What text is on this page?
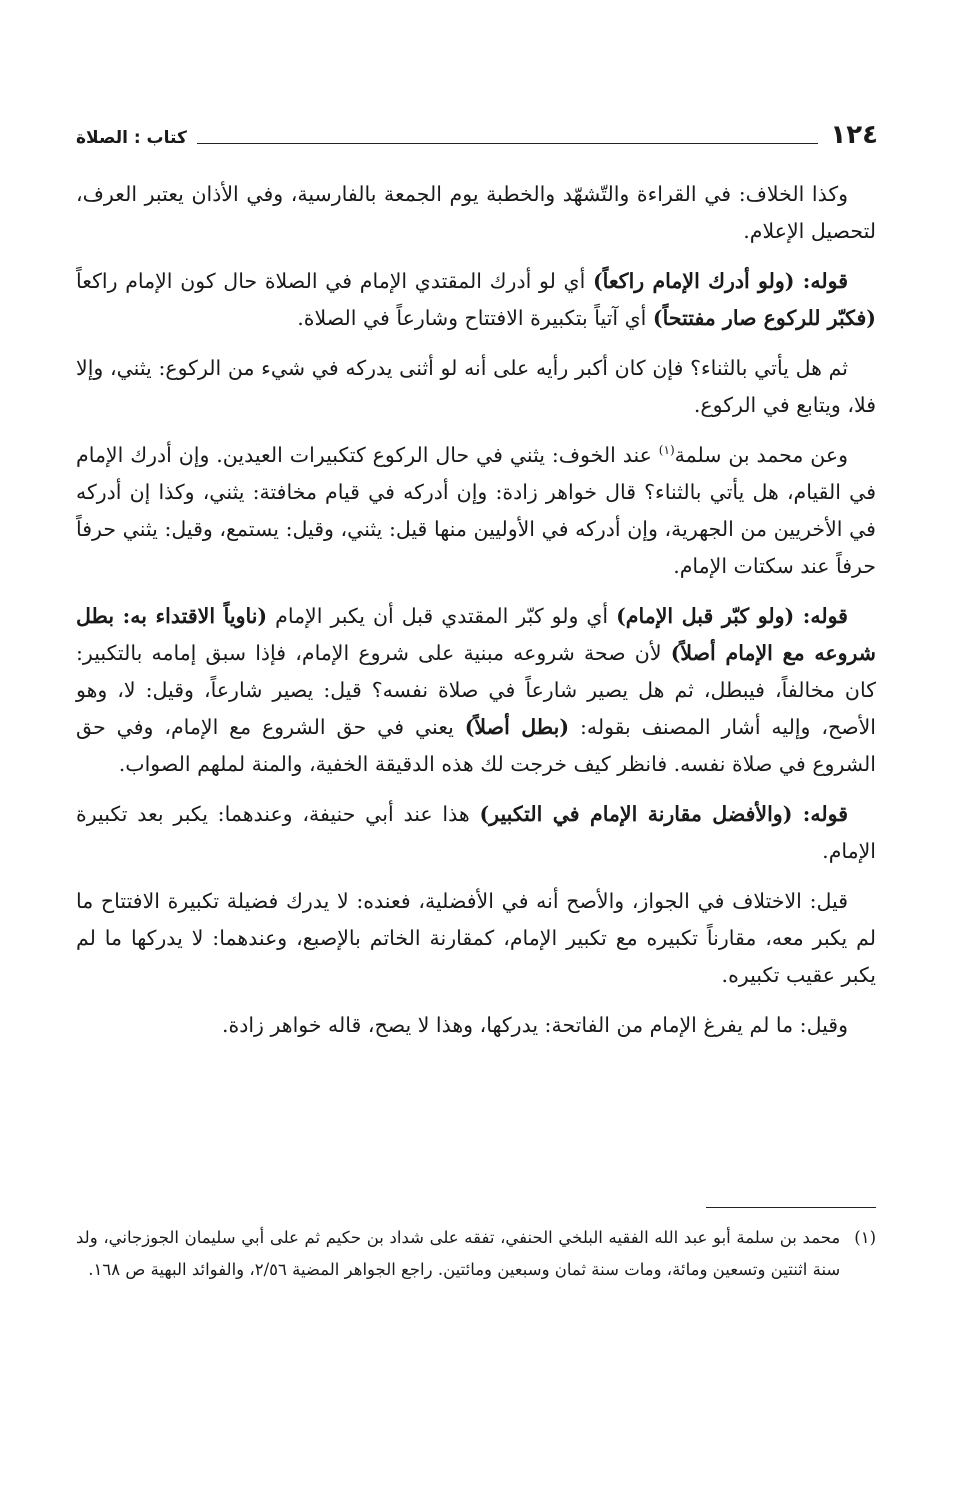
١٢٤
كتاب : الصلاة

وكذا الخلاف: في القراءة والتّشهّد والخطبة يوم الجمعة بالفارسية، وفي الأذان يعتبر العرف، لتحصيل الإعلام.

قوله: (ولو أدرك الإمام راكعاً) أي لو أدرك المقتدي الإمام في الصلاة حال كون الإمام راكعاً (فكبّر للركوع صار مفتتحاً) أي آتياً بتكبيرة الافتتاح وشارعاً في الصلاة.

ثم هل يأتي بالثناء؟ فإن كان أكبر رأيه على أنه لو أثنى يدركه في شيء من الركوع: يثني، وإلا فلا، ويتابع في الركوع.

وعن محمد بن سلمة$^{(١)}$ عند الخوف: يثني في حال الركوع كتكبيرات العيدين. وإن أدرك الإمام في القيام، هل يأتي بالثناء؟ قال خواهر زادة: وإن أدركه في قيام مخافتة: يثني، وكذا إن أدركه في الأخريين من الجهرية، وإن أدركه في الأوليين منها قيل: يثني، وقيل: يستمع، وقيل: يثني حرفاً حرفاً عند سكتات الإمام.

قوله: (ولو كبّر قبل الإمام) أي ولو كبّر المقتدي قبل أن يكبر الإمام (ناوياً الاقتداء به: بطل شروعه مع الإمام أصلاً) لأن صحة شروعه مبنية على شروع الإمام، فإذا سبق إمامه بالتكبير: كان مخالفاً، فيبطل، ثم هل يصير شارعاً في صلاة نفسه؟ قيل: يصير شارعاً، وقيل: لا، وهو الأصح، وإليه أشار المصنف بقوله: (بطل أصلاً) يعني في حق الشروع مع الإمام، وفي حق الشروع في صلاة نفسه. فانظر كيف خرجت لك هذه الدقيقة الخفية، والمنة لملهم الصواب.

قوله: (والأفضل مقارنة الإمام في التكبير) هذا عند أبي حنيفة، وعندهما: يكبر بعد تكبيرة الإمام.

قيل: الاختلاف في الجواز، والأصح أنه في الأفضلية، فعنده: لا يدرك فضيلة تكبيرة الافتتاح ما لم يكبر معه، مقارناً تكبيره مع تكبير الإمام، كمقارنة الخاتم بالإصبع، وعندهما: لا يدركها ما لم يكبر عقيب تكبيره.

وقيل: ما لم يفرغ الإمام من الفاتحة: يدركها، وهذا لا يصح، قاله خواهر زادة.

(١)
محمد بن سلمة أبو عبد الله الفقيه البلخي الحنفي، تفقه على شداد بن حكيم ثم على أبي سليمان الجوزجاني، ولد سنة اثنتين وتسعين ومائة، ومات سنة ثمان وسبعين ومائتين. راجع الجواهر المضية ٢/٥٦، والفوائد البهية ص ١٦٨.
